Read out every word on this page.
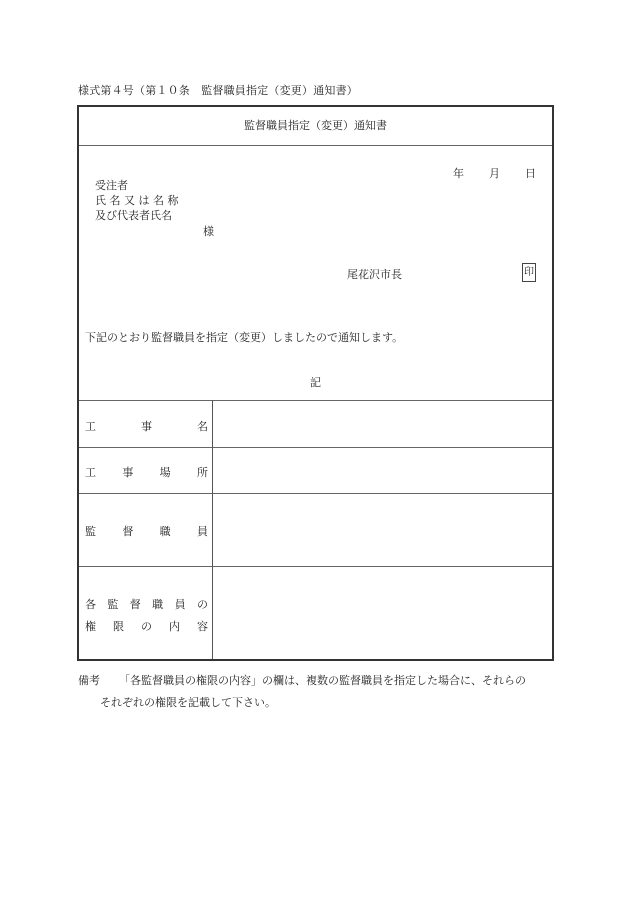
様式第４号（第１０条　監督職員指定（変更）通知書）
監督職員指定（変更）通知書
年 月 日
受注者
氏 名 又 は 名 称
及び代表者氏名
様
尾花沢市長	印
下記のとおり監督職員を指定（変更）しましたので通知します。
記
工	事	名
工 事 場 所
監 督 職 員
各 監 督 職 員 の
権 限 の 内 容
備考 「各監督職員の権限の内容」の欄は、複数の監督職員を指定した場合に、それらの
それぞれの権限を記載して下さい。
